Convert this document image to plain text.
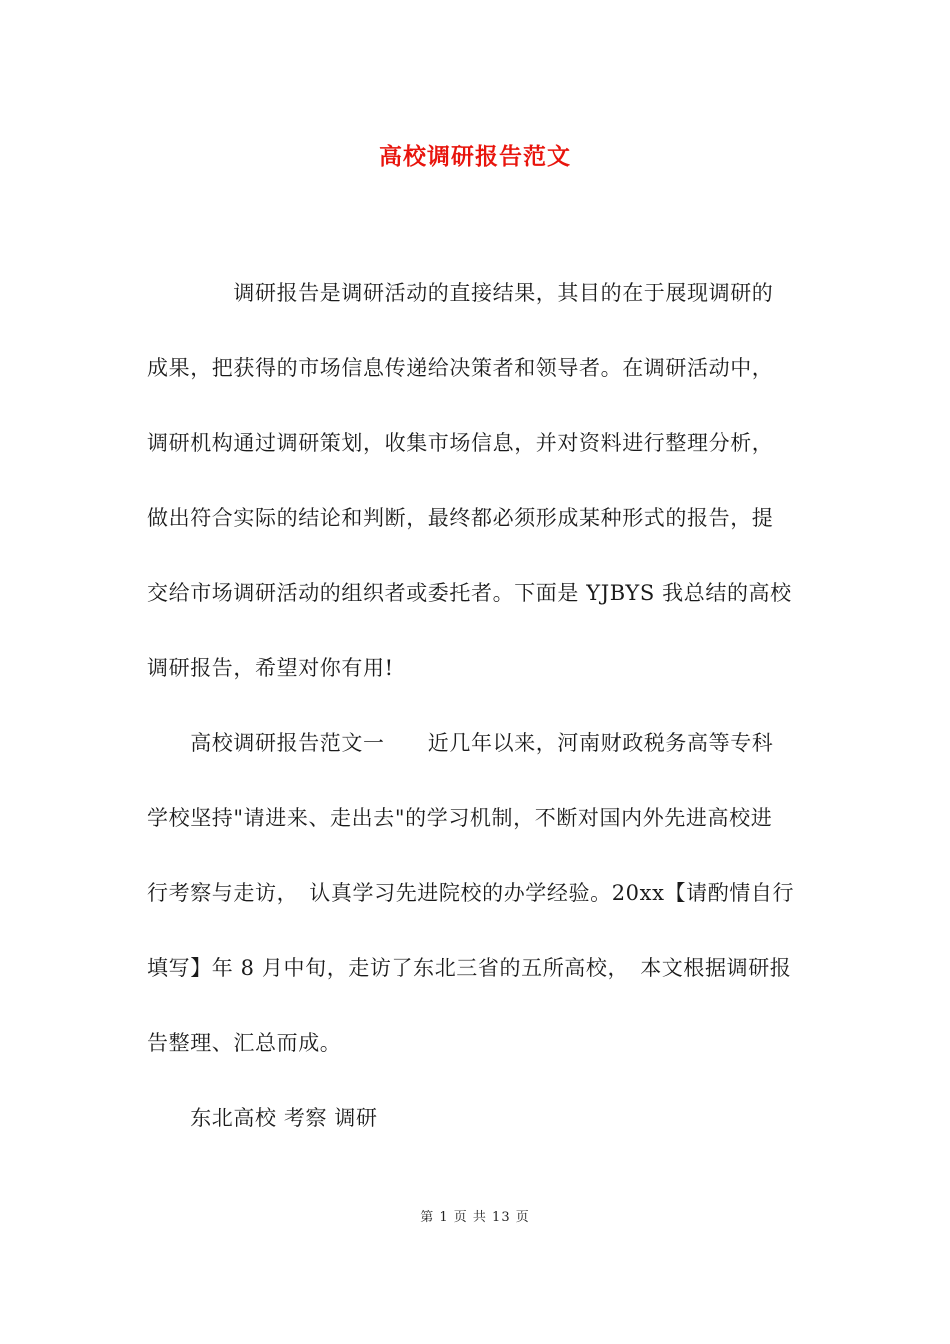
高校调研报告范文
　　　　调研报告是调研活动的直接结果，其目的在于展现调研的
成果，把获得的市场信息传递给决策者和领导者。在调研活动中，
调研机构通过调研策划，收集市场信息，并对资料进行整理分析，
做出符合实际的结论和判断，最终都必须形成某种形式的报告，提
交给市场调研活动的组织者或委托者。下面是 YJBYS 我总结的高校
调研报告，希望对你有用!
　　高校调研报告范文一　　近几年以来，河南财政税务高等专科
学校坚持"请进来、走出去"的学习机制，不断对国内外先进高校进
行考察与走访，　认真学习先进院校的办学经验。20xx【请酌情自行
填写】年 8 月中旬，走访了东北三省的五所高校，　本文根据调研报
告整理、汇总而成。
　　东北高校 考察 调研
第 1 页 共 13 页
